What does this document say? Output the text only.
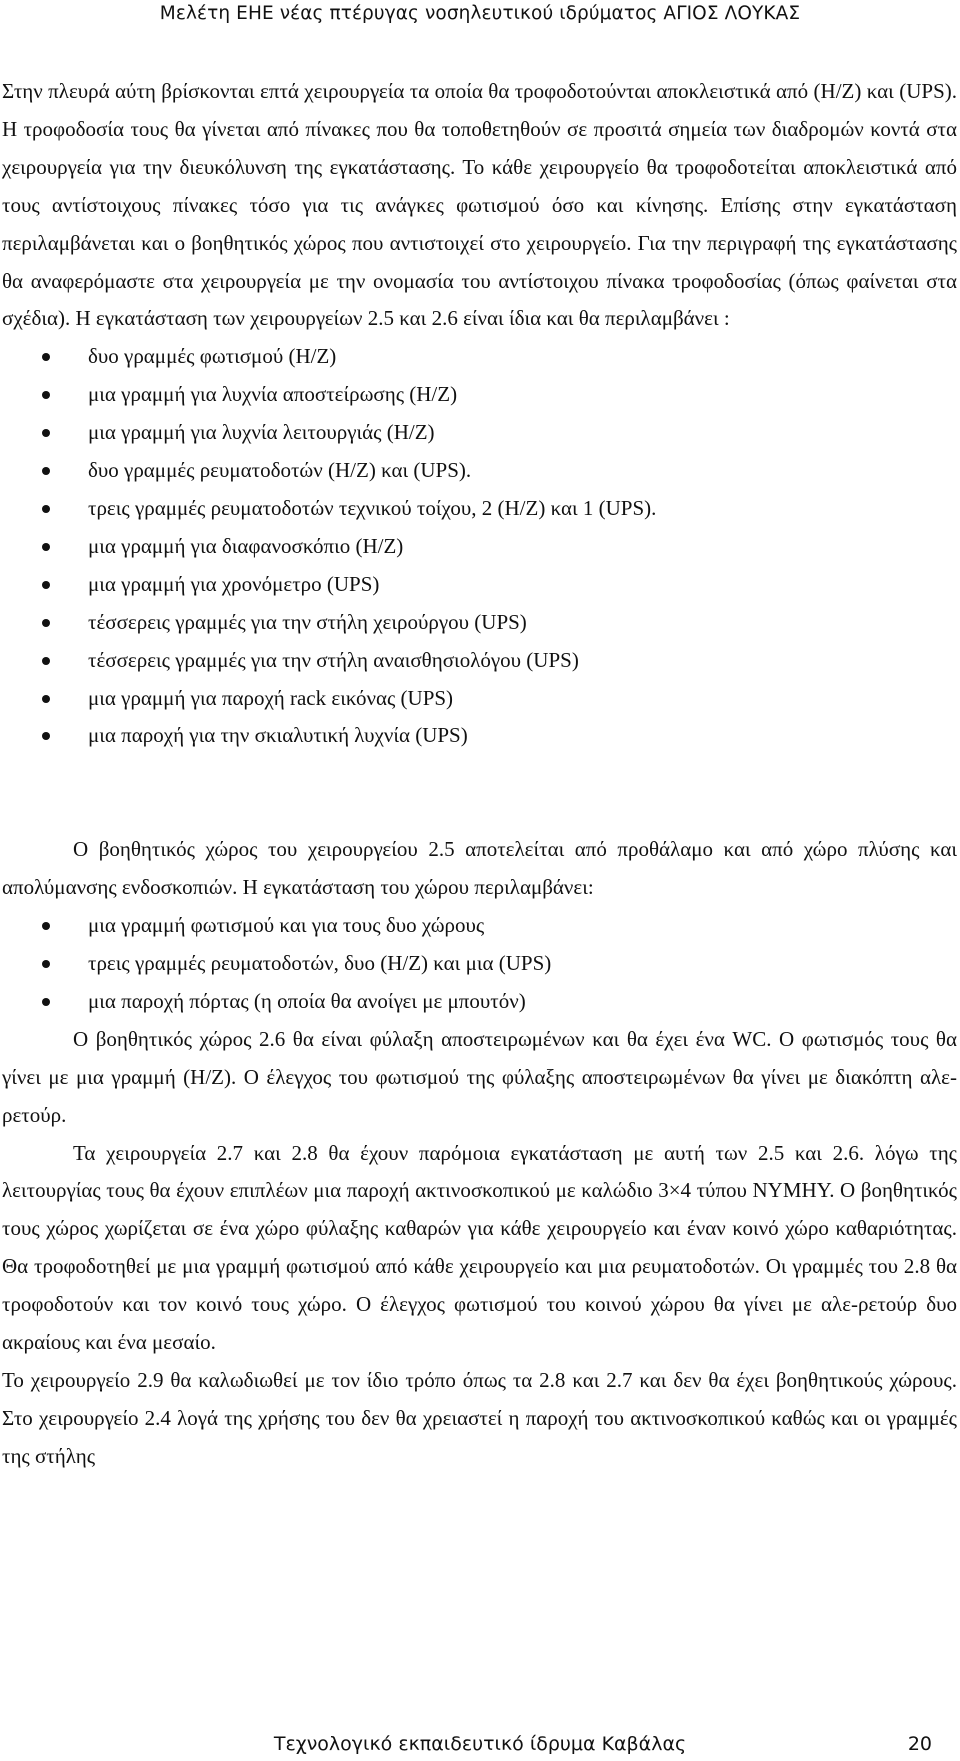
Μελέτη ΕΗΕ νέας πτέρυγας νοσηλευτικού ιδρύματος ΑΓΙΟΣ ΛΟΥΚΑΣ

Στην πλευρά αύτη βρίσκονται επτά χειρουργεία τα οποία θα τροφοδοτούνται αποκλειστικά από (Η/Ζ) και (UPS). Η τροφοδοσία τους θα γίνεται από πίνακες που θα τοποθετηθούν σε προσιτά σημεία των διαδρομών κοντά στα χειρουργεία για την διευκόλυνση της εγκατάστασης. Το κάθε χειρουργείο θα τροφοδοτείται αποκλειστικά από τους αντίστοιχους πίνακες τόσο για τις ανάγκες φωτισμού όσο και κίνησης. Επίσης στην εγκατάσταση περιλαμβάνεται και ο βοηθητικός χώρος που αντιστοιχεί στο χειρουργείο. Για την περιγραφή της εγκατάστασης θα αναφερόμαστε στα χειρουργεία με την ονομασία του αντίστοιχου πίνακα τροφοδοσίας (όπως φαίνεται στα σχέδια). Η εγκατάσταση των χειρουργείων 2.5 και 2.6 είναι ίδια και θα περιλαμβάνει :

δυο γραμμές φωτισμού (Η/Ζ)
μια γραμμή για λυχνία αποστείρωσης (Η/Ζ)
μια γραμμή για λυχνία λειτουργιάς (Η/Ζ)
δυο γραμμές ρευματοδοτών (Η/Ζ) και (UPS).
τρεις γραμμές ρευματοδοτών τεχνικού τοίχου, 2 (Η/Ζ) και 1 (UPS).
μια γραμμή για διαφανοσκόπιο (Η/Ζ)
μια γραμμή για χρονόμετρο (UPS)
τέσσερεις γραμμές για την στήλη χειρούργου (UPS)
τέσσερεις γραμμές για την στήλη αναισθησιολόγου (UPS)
μια γραμμή για παροχή rack εικόνας (UPS)
μια παροχή για την σκιαλυτική λυχνία (UPS)

Ο βοηθητικός χώρος του χειρουργείου 2.5 αποτελείται από προθάλαμο και από χώρο πλύσης και απολύμανσης ενδοσκοπιών. Η εγκατάσταση του χώρου περιλαμβάνει:

μια γραμμή φωτισμού και για τους δυο χώρους
τρεις γραμμές ρευματοδοτών, δυο (Η/Ζ) και μια (UPS)
μια παροχή πόρτας (η οποία θα ανοίγει με μπουτόν)

Ο βοηθητικός χώρος 2.6 θα είναι φύλαξη αποστειρωμένων και θα έχει ένα WC. Ο φωτισμός τους θα γίνει με μια γραμμή (Η/Ζ). Ο έλεγχος του φωτισμού της φύλαξης αποστειρωμένων θα γίνει με διακόπτη αλε-ρετούρ.

Τα χειρουργεία 2.7 και 2.8 θα έχουν παρόμοια εγκατάσταση με αυτή των 2.5 και 2.6. λόγω της λειτουργίας τους θα έχουν επιπλέων μια παροχή ακτινοσκοπικού με καλώδιο 3×4 τύπου ΝΥΜΗΥ. Ο βοηθητικός τους χώρος χωρίζεται σε ένα χώρο φύλαξης καθαρών για κάθε χειρουργείο και έναν κοινό χώρο καθαριότητας. Θα τροφοδοτηθεί με μια γραμμή φωτισμού από κάθε χειρουργείο και μια ρευματοδοτών. Οι γραμμές του 2.8 θα τροφοδοτούν και τον κοινό τους χώρο. Ο έλεγχος φωτισμού του κοινού χώρου θα γίνει με αλε-ρετούρ δυο ακραίους και ένα μεσαίο.

Το χειρουργείο 2.9 θα καλωδιωθεί με τον ίδιο τρόπο όπως τα 2.8 και 2.7 και δεν θα έχει βοηθητικούς χώρους. Στο χειρουργείο 2.4 λογά της χρήσης του δεν θα χρειαστεί η παροχή του ακτινοσκοπικού καθώς και οι γραμμές της στήλης

Τεχνολογικό εκπαιδευτικό ίδρυμα Καβάλας	20
